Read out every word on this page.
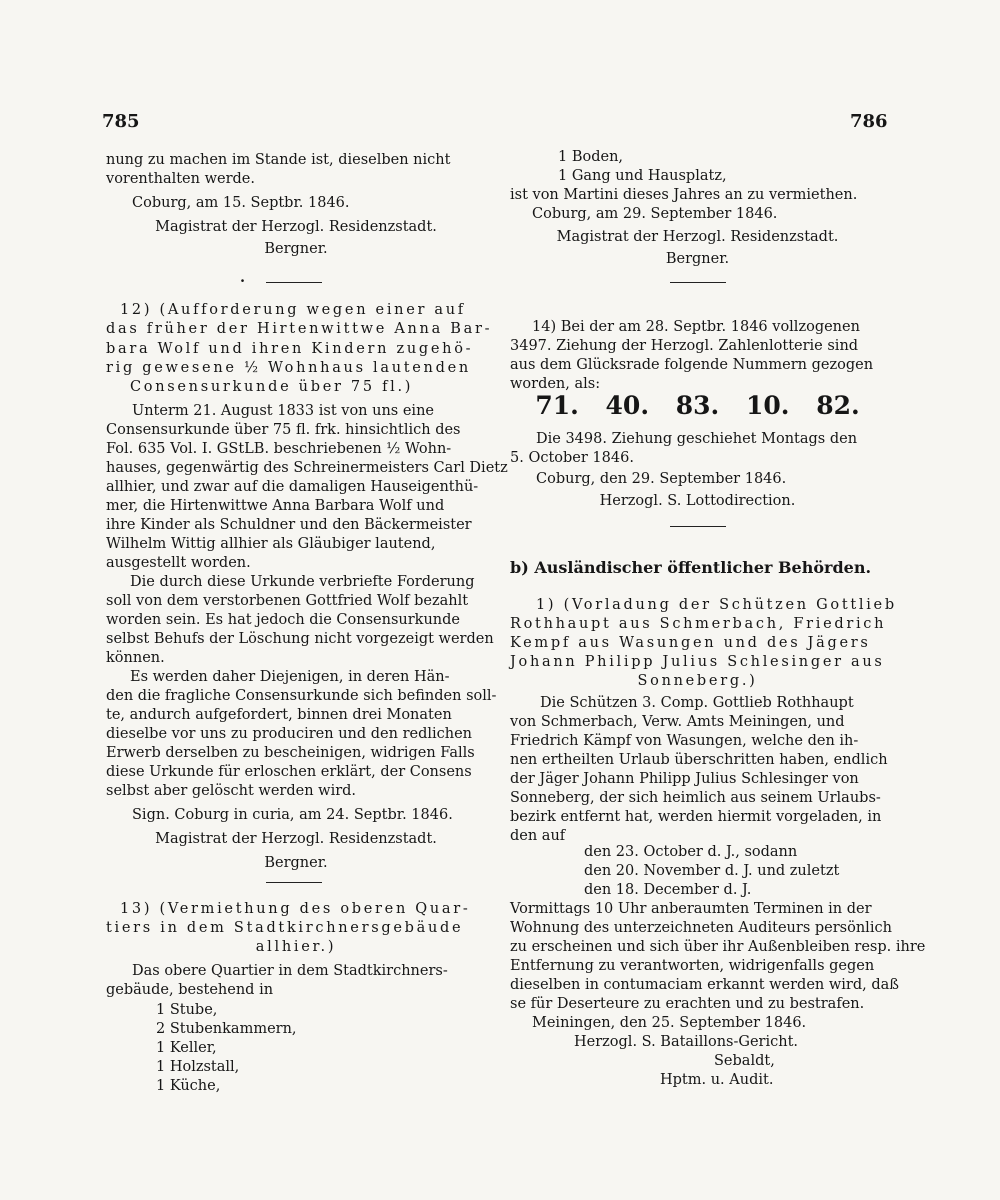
785	786
nung zu machen im Stande ist, dieselben nicht
vorenthalten werde.
Coburg, am 15. Septbr. 1846.
Magistrat der Herzogl. Residenzstadt.
Bergner.
.
12) (Aufforderung wegen einer auf
das früher der Hirtenwittwe Anna Bar-
bara Wolf und ihren Kindern zugehö-
rig gewesene ½ Wohnhaus lautenden
Consensurkunde über 75 fl.)
Unterm 21. August 1833 ist von uns eine
Consensurkunde über 75 fl. frk. hinsichtlich des
Fol. 635 Vol. I. GStLB. beschriebenen ½ Wohn-
hauses, gegenwärtig des Schreinermeisters Carl Dietz
allhier, und zwar auf die damaligen Hauseigenthü-
mer, die Hirtenwittwe Anna Barbara Wolf und
ihre Kinder als Schuldner und den Bäckermeister
Wilhelm Wittig allhier als Gläubiger lautend,
ausgestellt worden.
Die durch diese Urkunde verbriefte Forderung
soll von dem verstorbenen Gottfried Wolf bezahlt
worden sein. Es hat jedoch die Consensurkunde
selbst Behufs der Löschung nicht vorgezeigt werden
können.
Es werden daher Diejenigen, in deren Hän-
den die fragliche Consensurkunde sich befinden soll-
te, andurch aufgefordert, binnen drei Monaten
dieselbe vor uns zu produciren und den redlichen
Erwerb derselben zu bescheinigen, widrigen Falls
diese Urkunde für erloschen erklärt, der Consens
selbst aber gelöscht werden wird.
Sign. Coburg in curia, am 24. Septbr. 1846.
Magistrat der Herzogl. Residenzstadt.
Bergner.
13) (Vermiethung des oberen Quar-
tiers in dem Stadtkirchnersgebäude
allhier.)
Das obere Quartier in dem Stadtkirchners-
gebäude, bestehend in
1 Stube,
2 Stubenkammern,
1 Keller,
1 Holzstall,
1 Küche,
1 Boden,
1 Gang und Hausplatz,
ist von Martini dieses Jahres an zu vermiethen.
Coburg, am 29. September 1846.
Magistrat der Herzogl. Residenzstadt.
Bergner.
14) Bei der am 28. Septbr. 1846 vollzogenen
3497. Ziehung der Herzogl. Zahlenlotterie sind
aus dem Glücksrade folgende Nummern gezogen
worden, als:
71. 40. 83. 10. 82.
Die 3498. Ziehung geschiehet Montags den
5. October 1846.
Coburg, den 29. September 1846.
Herzogl. S. Lottodirection.
b) Ausländischer öffentlicher Behörden.
1) (Vorladung der Schützen Gottlieb
Rothhaupt aus Schmerbach, Friedrich
Kempf aus Wasungen und des Jägers
Johann Philipp Julius Schlesinger aus
Sonneberg.)
Die Schützen 3. Comp. Gottlieb Rothhaupt
von Schmerbach, Verw. Amts Meiningen, und
Friedrich Kämpf von Wasungen, welche den ih-
nen ertheilten Urlaub überschritten haben, endlich
der Jäger Johann Philipp Julius Schlesinger von
Sonneberg, der sich heimlich aus seinem Urlaubs-
bezirk entfernt hat, werden hiermit vorgeladen, in
den auf
den 23. October d. J., sodann
den 20. November d. J. und zuletzt
den 18. December d. J.
Vormittags 10 Uhr anberaumten Terminen in der
Wohnung des unterzeichneten Auditeurs persönlich
zu erscheinen und sich über ihr Außenbleiben resp. ihre
Entfernung zu verantworten, widrigenfalls gegen
dieselben in contumaciam erkannt werden wird, daß
se für Deserteure zu erachten und zu bestrafen.
Meiningen, den 25. September 1846.
Herzogl. S. Bataillons-Gericht.
Sebaldt,
Hptm. u. Audit.
